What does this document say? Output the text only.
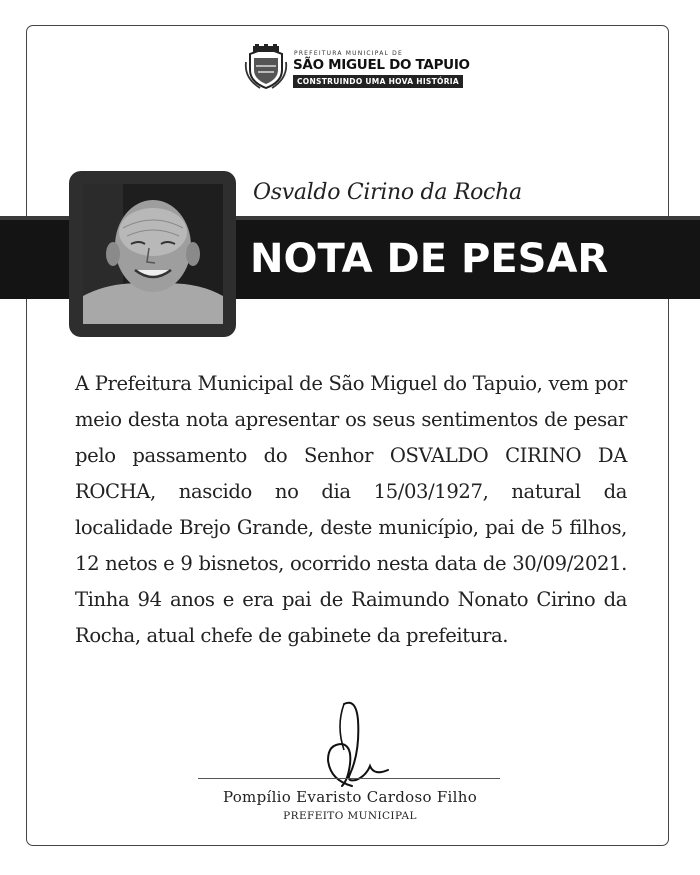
PREFEITURA MUNICIPAL DE
SÃO MIGUEL DO TAPUIO
CONSTRUINDO UMA HOVA HISTÓRIA
Osvaldo Cirino da Rocha
NOTA DE PESAR
A Prefeitura Municipal de São Miguel do Tapuio, vem por meio desta nota apresentar os seus sentimentos de pesar pelo passamento do Senhor OSVALDO CIRINO DA ROCHA, nascido no dia 15/03/1927, natural da localidade Brejo Grande, deste município, pai de 5 filhos, 12 netos e 9 bisnetos, ocorrido nesta data de 30/09/2021. Tinha 94 anos e era pai de Raimundo Nonato Cirino da Rocha, atual chefe de gabinete da prefeitura.
Pompílio Evaristo Cardoso Filho
PREFEITO MUNICIPAL
